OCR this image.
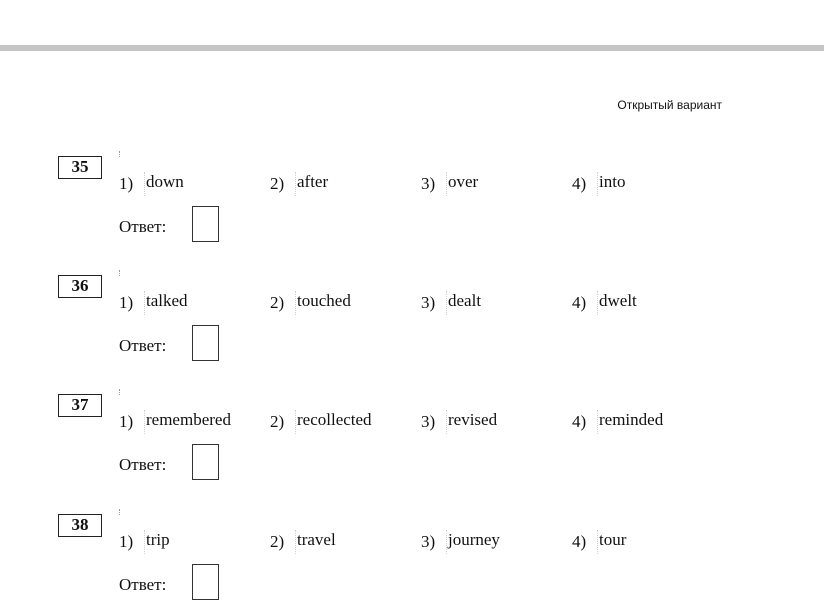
Открытый вариант
35
1) down	2) after	3) over	4) into
Ответ:
36
1) talked	2) touched	3) dealt	4) dwelt
Ответ:
37
1) remembered 2) recollected	3) revised	4) reminded
Ответ:
38
1) trip	2) travel	3) journey	4) tour
Ответ:
